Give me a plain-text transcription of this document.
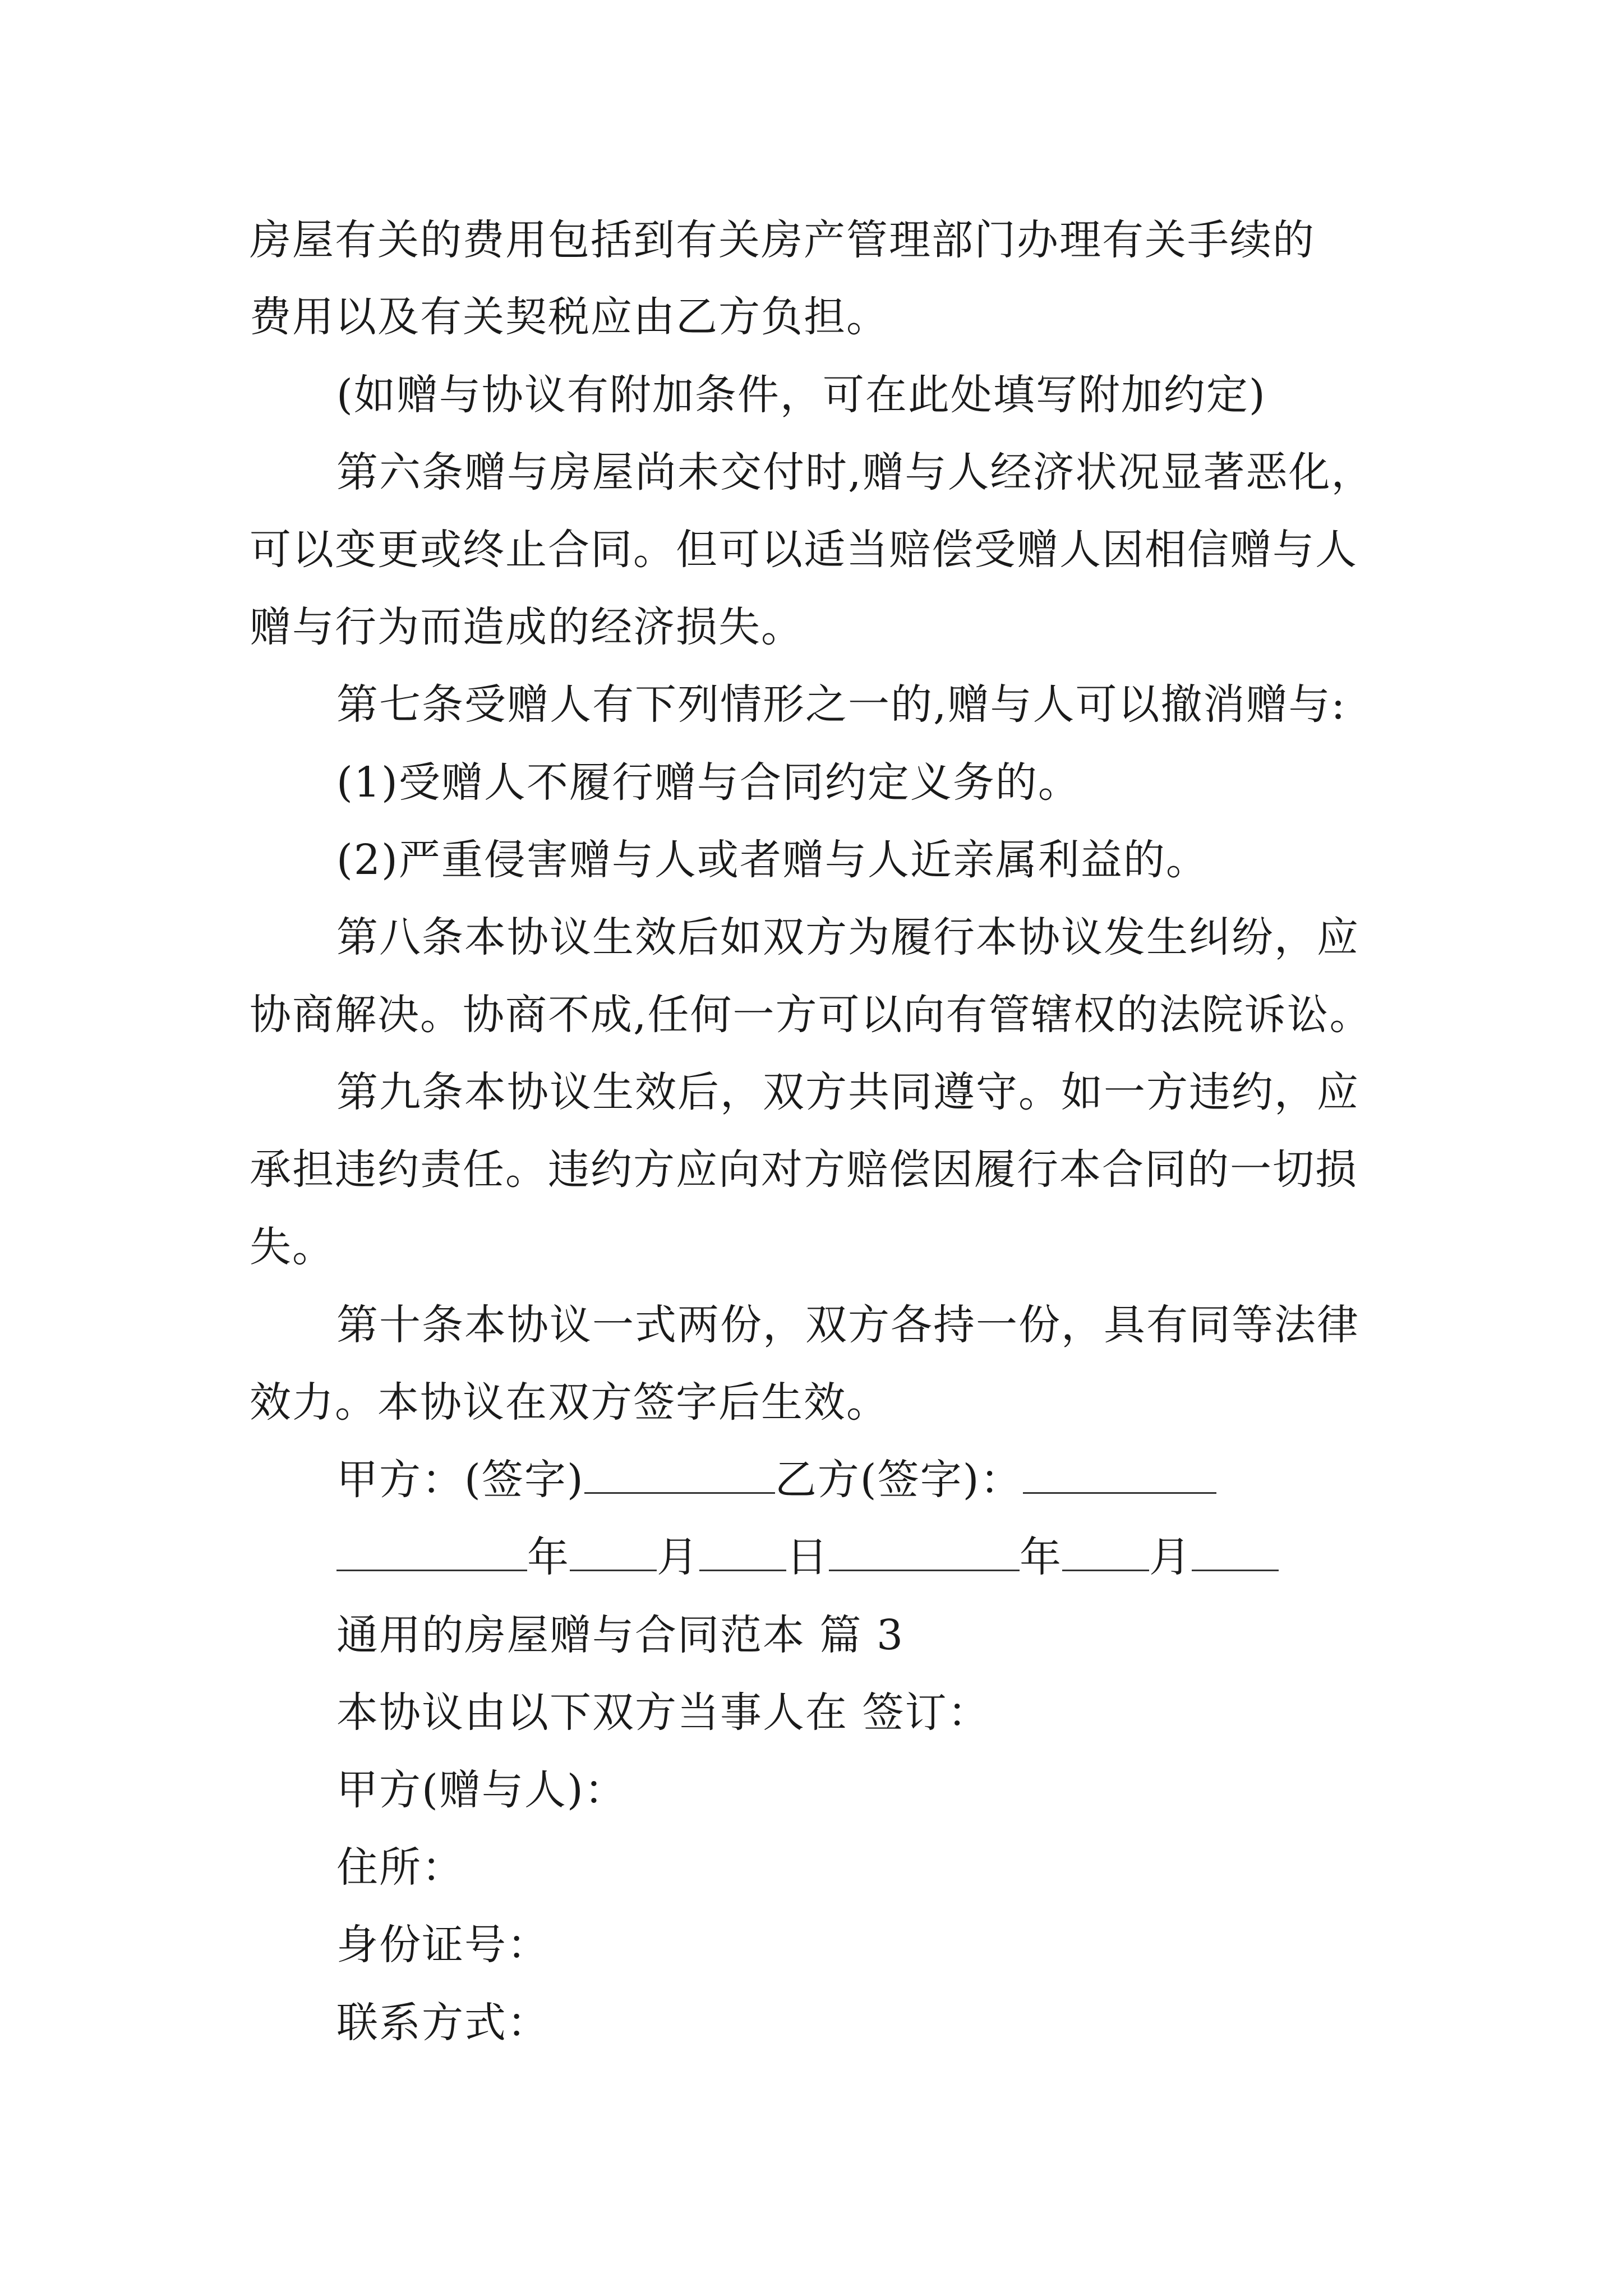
房屋有关的费用包括到有关房产管理部门办理有关手续的
费用以及有关契税应由乙方负担。
(如赠与协议有附加条件，可在此处填写附加约定)
第六条赠与房屋尚未交付时,赠与人经济状况显著恶化，
可以变更或终止合同。但可以适当赔偿受赠人因相信赠与人
赠与行为而造成的经济损失。
第七条受赠人有下列情形之一的,赠与人可以撤消赠与:
(1)受赠人不履行赠与合同约定义务的。
(2)严重侵害赠与人或者赠与人近亲属利益的。
第八条本协议生效后如双方为履行本协议发生纠纷，应
协商解决。协商不成,任何一方可以向有管辖权的法院诉讼。
第九条本协议生效后，双方共同遵守。如一方违约，应
承担违约责任。违约方应向对方赔偿因履行本合同的一切损
失。
第十条本协议一式两份，双方各持一份，具有同等法律
效力。本协议在双方签字后生效。
甲方：(签字)	乙方(签字)：
年 月 日	年 月
通用的房屋赠与合同范本 篇 3
本协议由以下双方当事人在 签订：
甲方(赠与人)：
住所：
身份证号：
联系方式：
